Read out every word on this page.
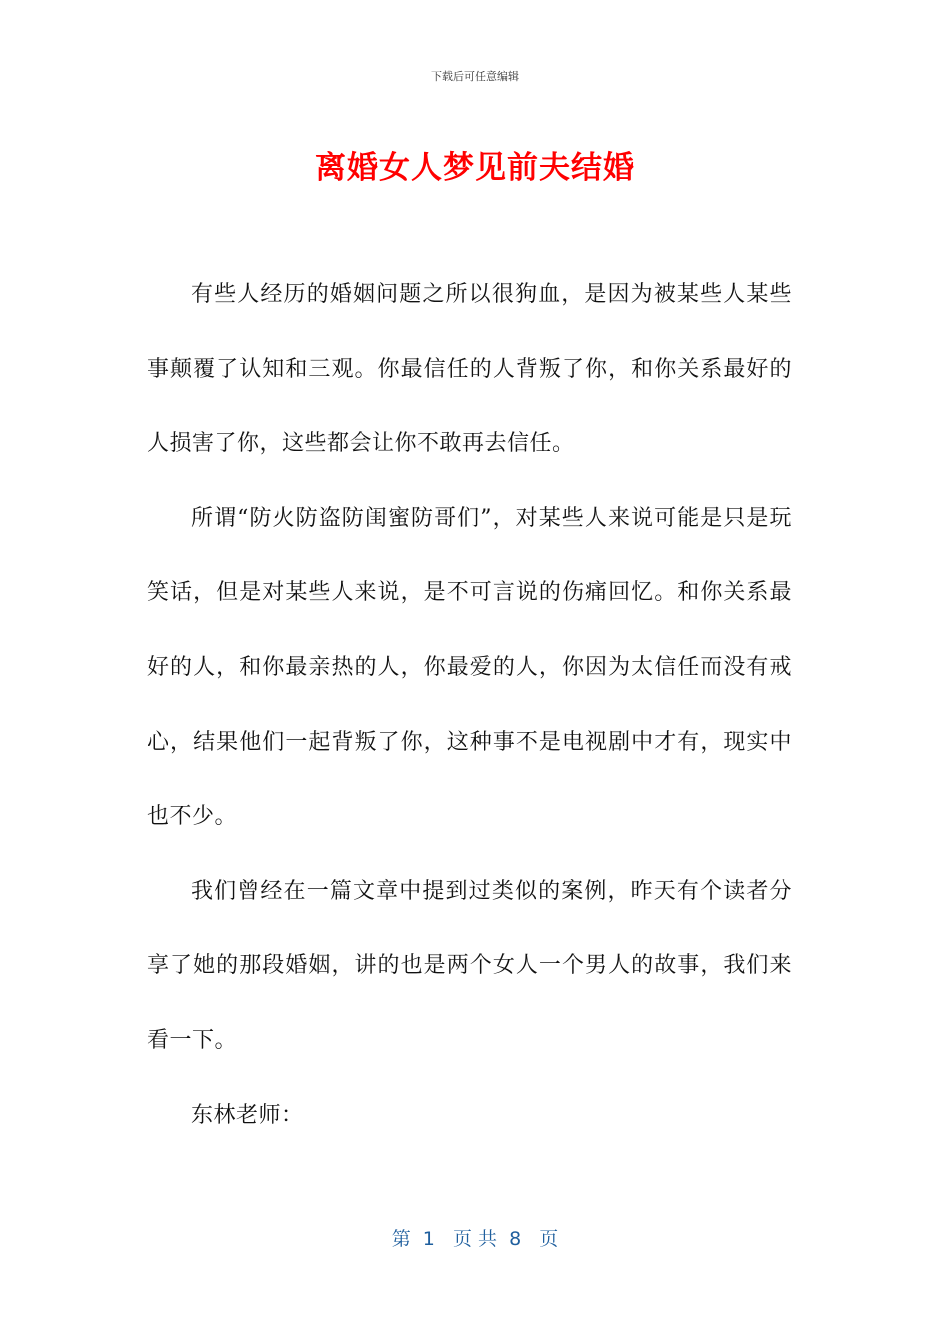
下载后可任意编辑
离婚女人梦见前夫结婚

有些人经历的婚姻问题之所以很狗血，是因为被某些人某些事颠覆了认知和三观。你最信任的人背叛了你，和你关系最好的人损害了你，这些都会让你不敢再去信任。

所谓“防火防盗防闺蜜防哥们”，对某些人来说可能是只是玩笑话，但是对某些人来说，是不可言说的伤痛回忆。和你关系最好的人，和你最亲热的人，你最爱的人，你因为太信任而没有戒心，结果他们一起背叛了你，这种事不是电视剧中才有，现实中也不少。

我们曾经在一篇文章中提到过类似的案例，昨天有个读者分享了她的那段婚姻，讲的也是两个女人一个男人的故事，我们来看一下。

东林老师：

第  1   页 共  8   页
